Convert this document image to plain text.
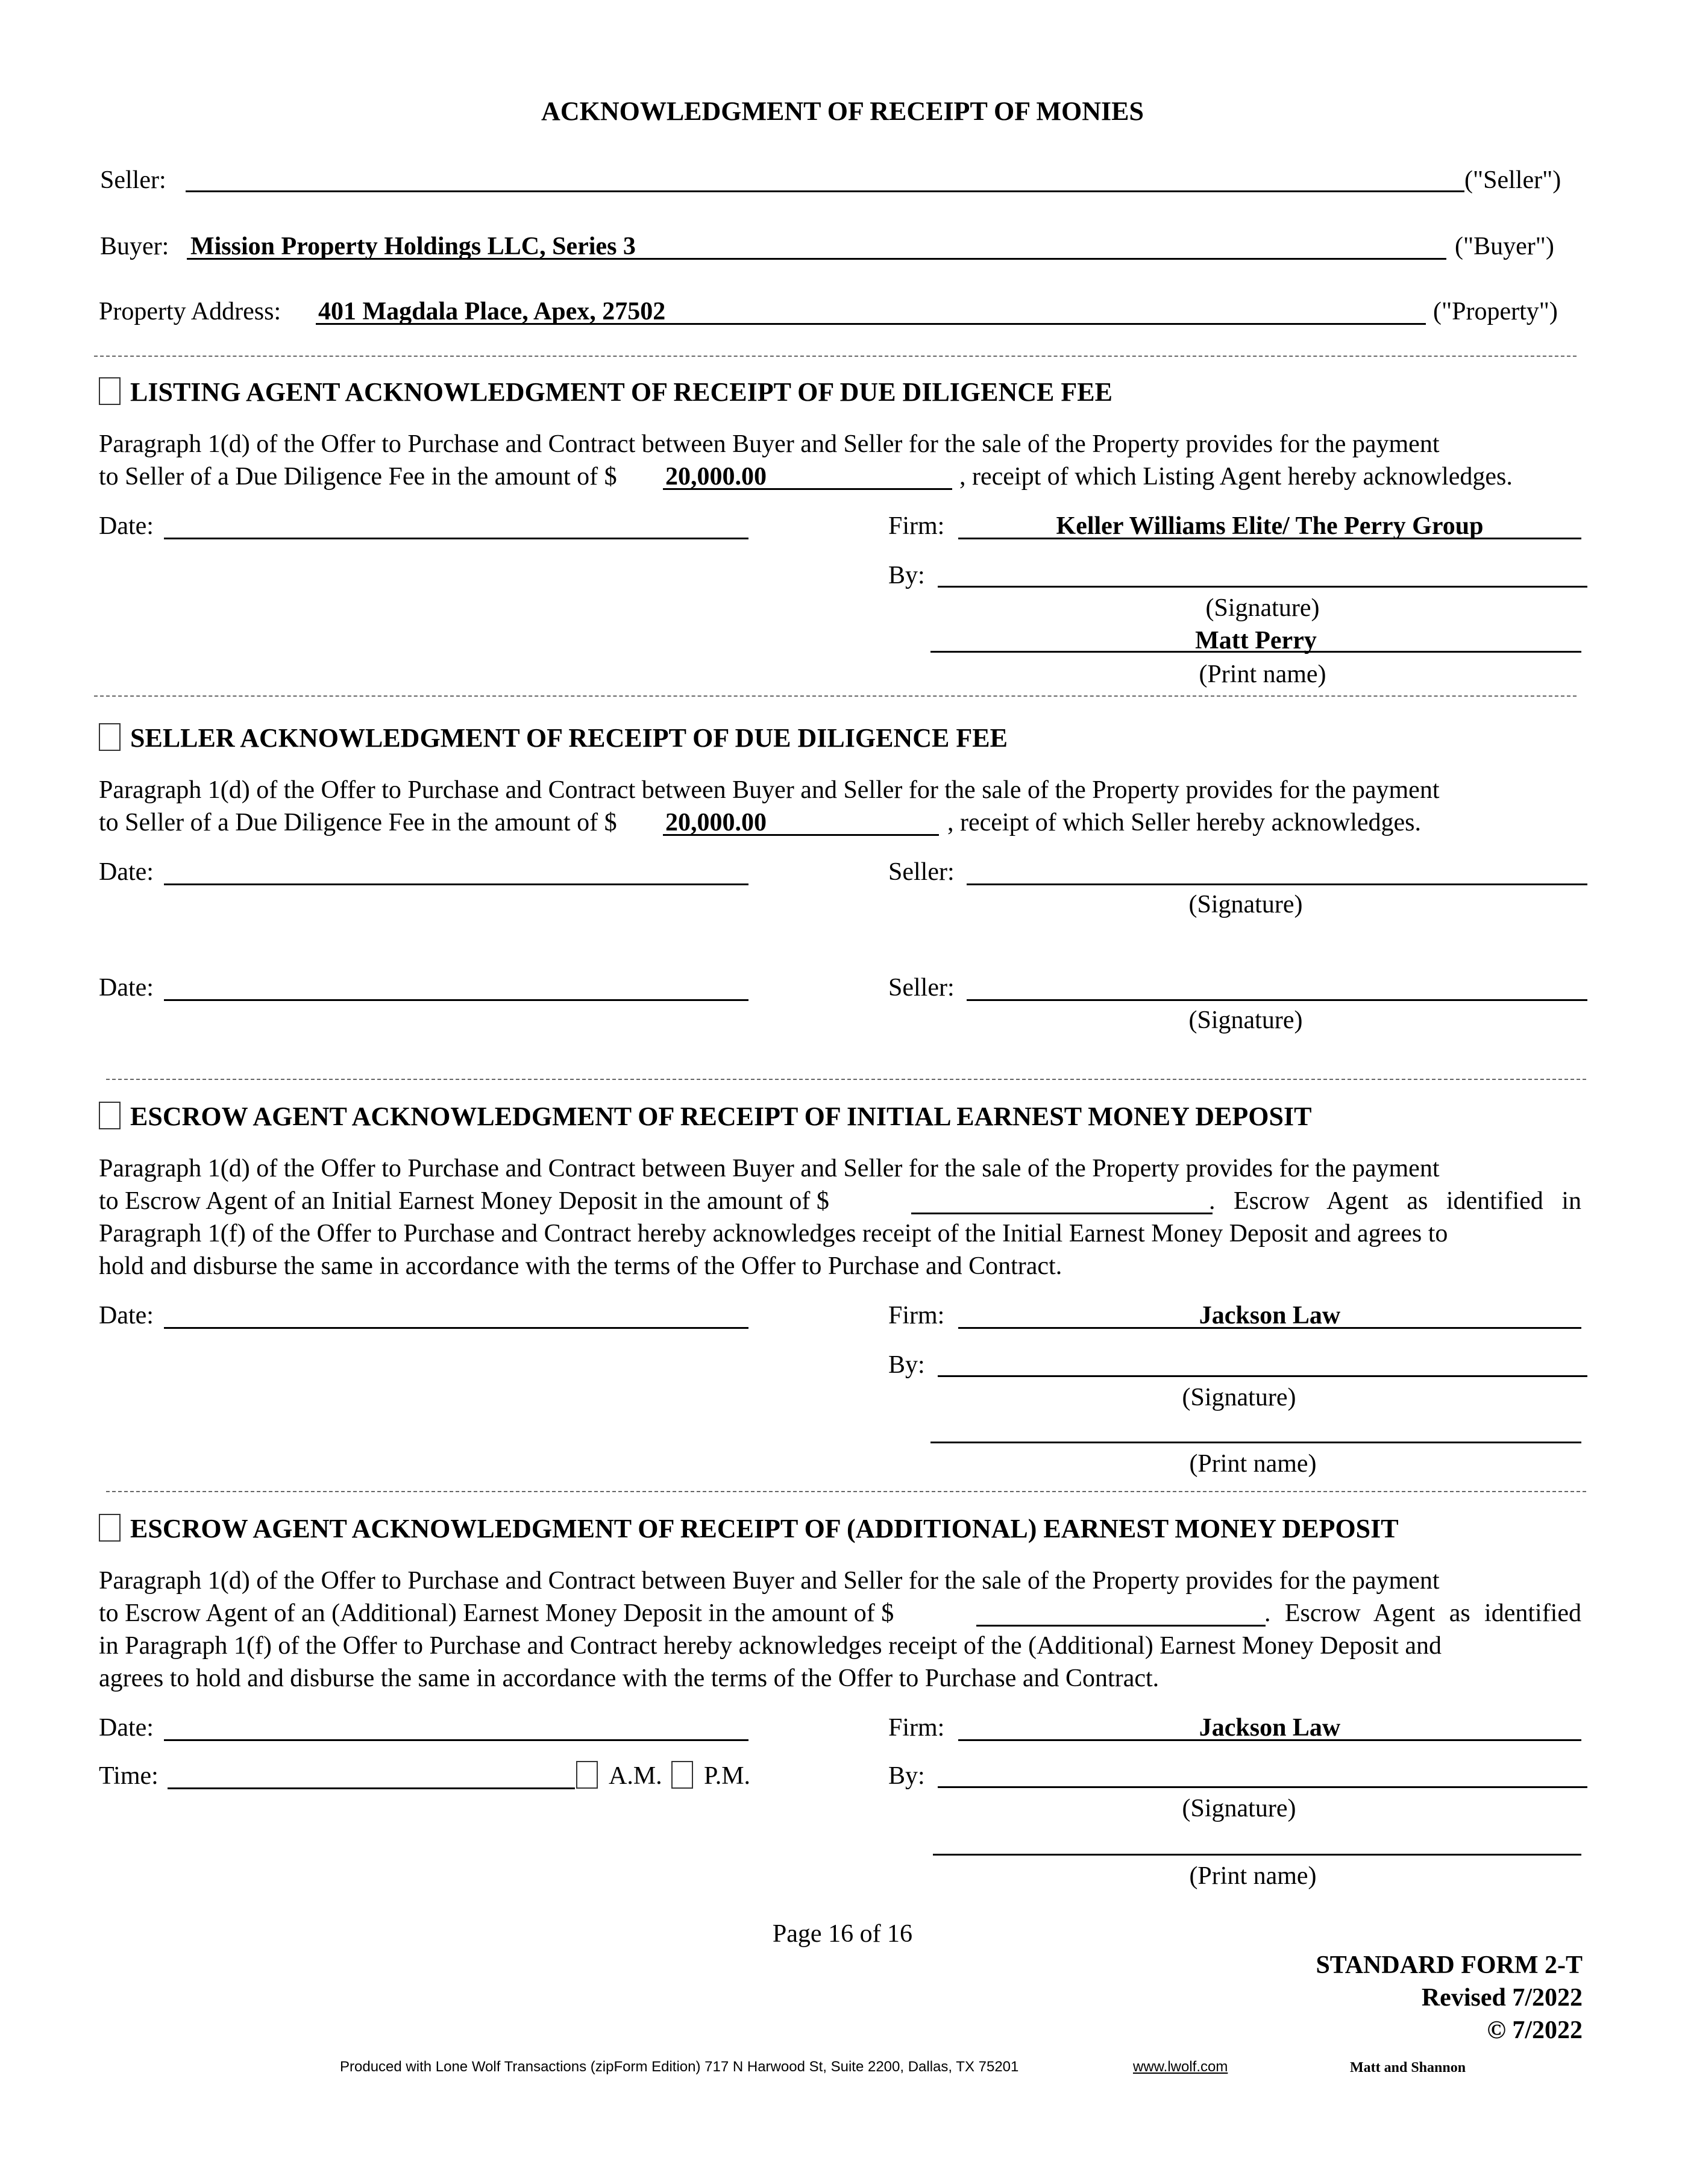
ACKNOWLEDGMENT OF RECEIPT OF MONIES
Seller:	("Seller")
Buyer: Mission Property Holdings LLC, Series 3	("Buyer")
Property Address: 401 Magdala Place, Apex, 27502	("Property")
LISTING AGENT ACKNOWLEDGMENT OF RECEIPT OF DUE DILIGENCE FEE
Paragraph 1(d) of the Offer to Purchase and Contract between Buyer and Seller for the sale of the Property provides for the payment
to Seller of a Due Diligence Fee in the amount of $ 20,000.00	, receipt of which Listing Agent hereby acknowledges.
Date:	Firm:	Keller Williams Elite/ The Perry Group
By:
(Signature)
Matt Perry
(Print name)
SELLER ACKNOWLEDGMENT OF RECEIPT OF DUE DILIGENCE FEE
Paragraph 1(d) of the Offer to Purchase and Contract between Buyer and Seller for the sale of the Property provides for the payment
to Seller of a Due Diligence Fee in the amount of $ 20,000.00	, receipt of which Seller hereby acknowledges.
Date:	Seller:
(Signature)
Date:	Seller:
(Signature)
ESCROW AGENT ACKNOWLEDGMENT OF RECEIPT OF INITIAL EARNEST MONEY DEPOSIT
Paragraph 1(d) of the Offer to Purchase and Contract between Buyer and Seller for the sale of the Property provides for the payment
to Escrow Agent of an Initial Earnest Money Deposit in the amount of $	. Escrow Agent as identified in
Paragraph 1(f) of the Offer to Purchase and Contract hereby acknowledges receipt of the Initial Earnest Money Deposit and agrees to
hold and disburse the same in accordance with the terms of the Offer to Purchase and Contract.
Date:	Firm:	Jackson Law
By:
(Signature)
(Print name)
ESCROW AGENT ACKNOWLEDGMENT OF RECEIPT OF (ADDITIONAL) EARNEST MONEY DEPOSIT
Paragraph 1(d) of the Offer to Purchase and Contract between Buyer and Seller for the sale of the Property provides for the payment
to Escrow Agent of an (Additional) Earnest Money Deposit in the amount of $	. Escrow Agent as identified
in Paragraph 1(f) of the Offer to Purchase and Contract hereby acknowledges receipt of the (Additional) Earnest Money Deposit and
agrees to hold and disburse the same in accordance with the terms of the Offer to Purchase and Contract.
Date:	Firm:	Jackson Law
Time:	A.M. P.M.	By:
(Signature)
(Print name)
Page 16 of 16
STANDARD FORM 2-T
Revised 7/2022
© 7/2022
Produced with Lone Wolf Transactions (zipForm Edition) 717 N Harwood St, Suite 2200, Dallas, TX 75201	www.lwolf.com	Matt and Shannon
